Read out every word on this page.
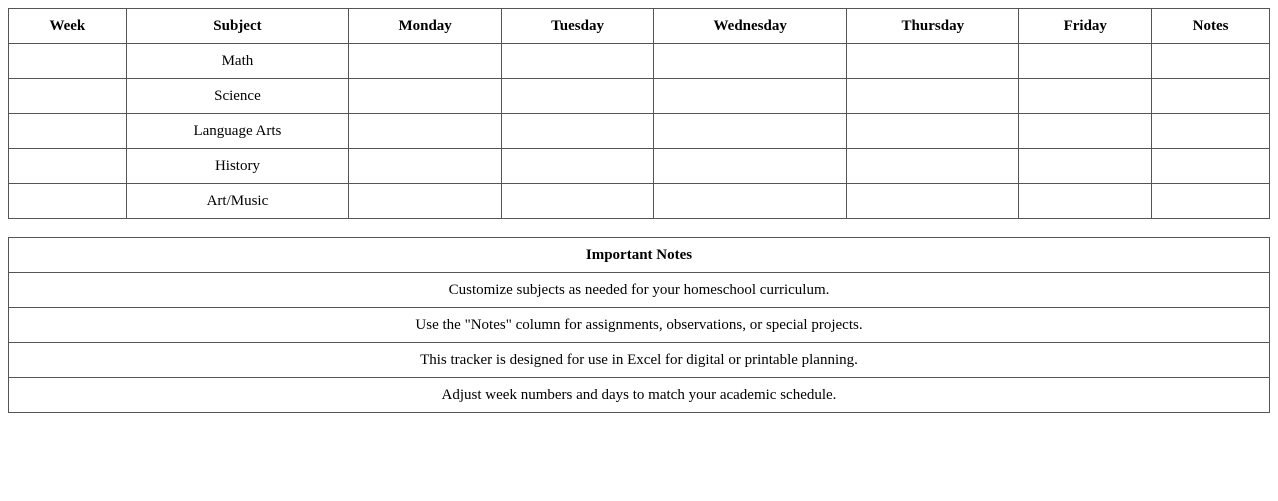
Week	Subject	Monday	Tuesday	Wednesday	Thursday	Friday	Notes
	Math						
	Science						
	Language Arts						
	History						
	Art/Music						
Important Notes
Customize subjects as needed for your homeschool curriculum.
Use the "Notes" column for assignments, observations, or special projects.
This tracker is designed for use in Excel for digital or printable planning.
Adjust week numbers and days to match your academic schedule.
